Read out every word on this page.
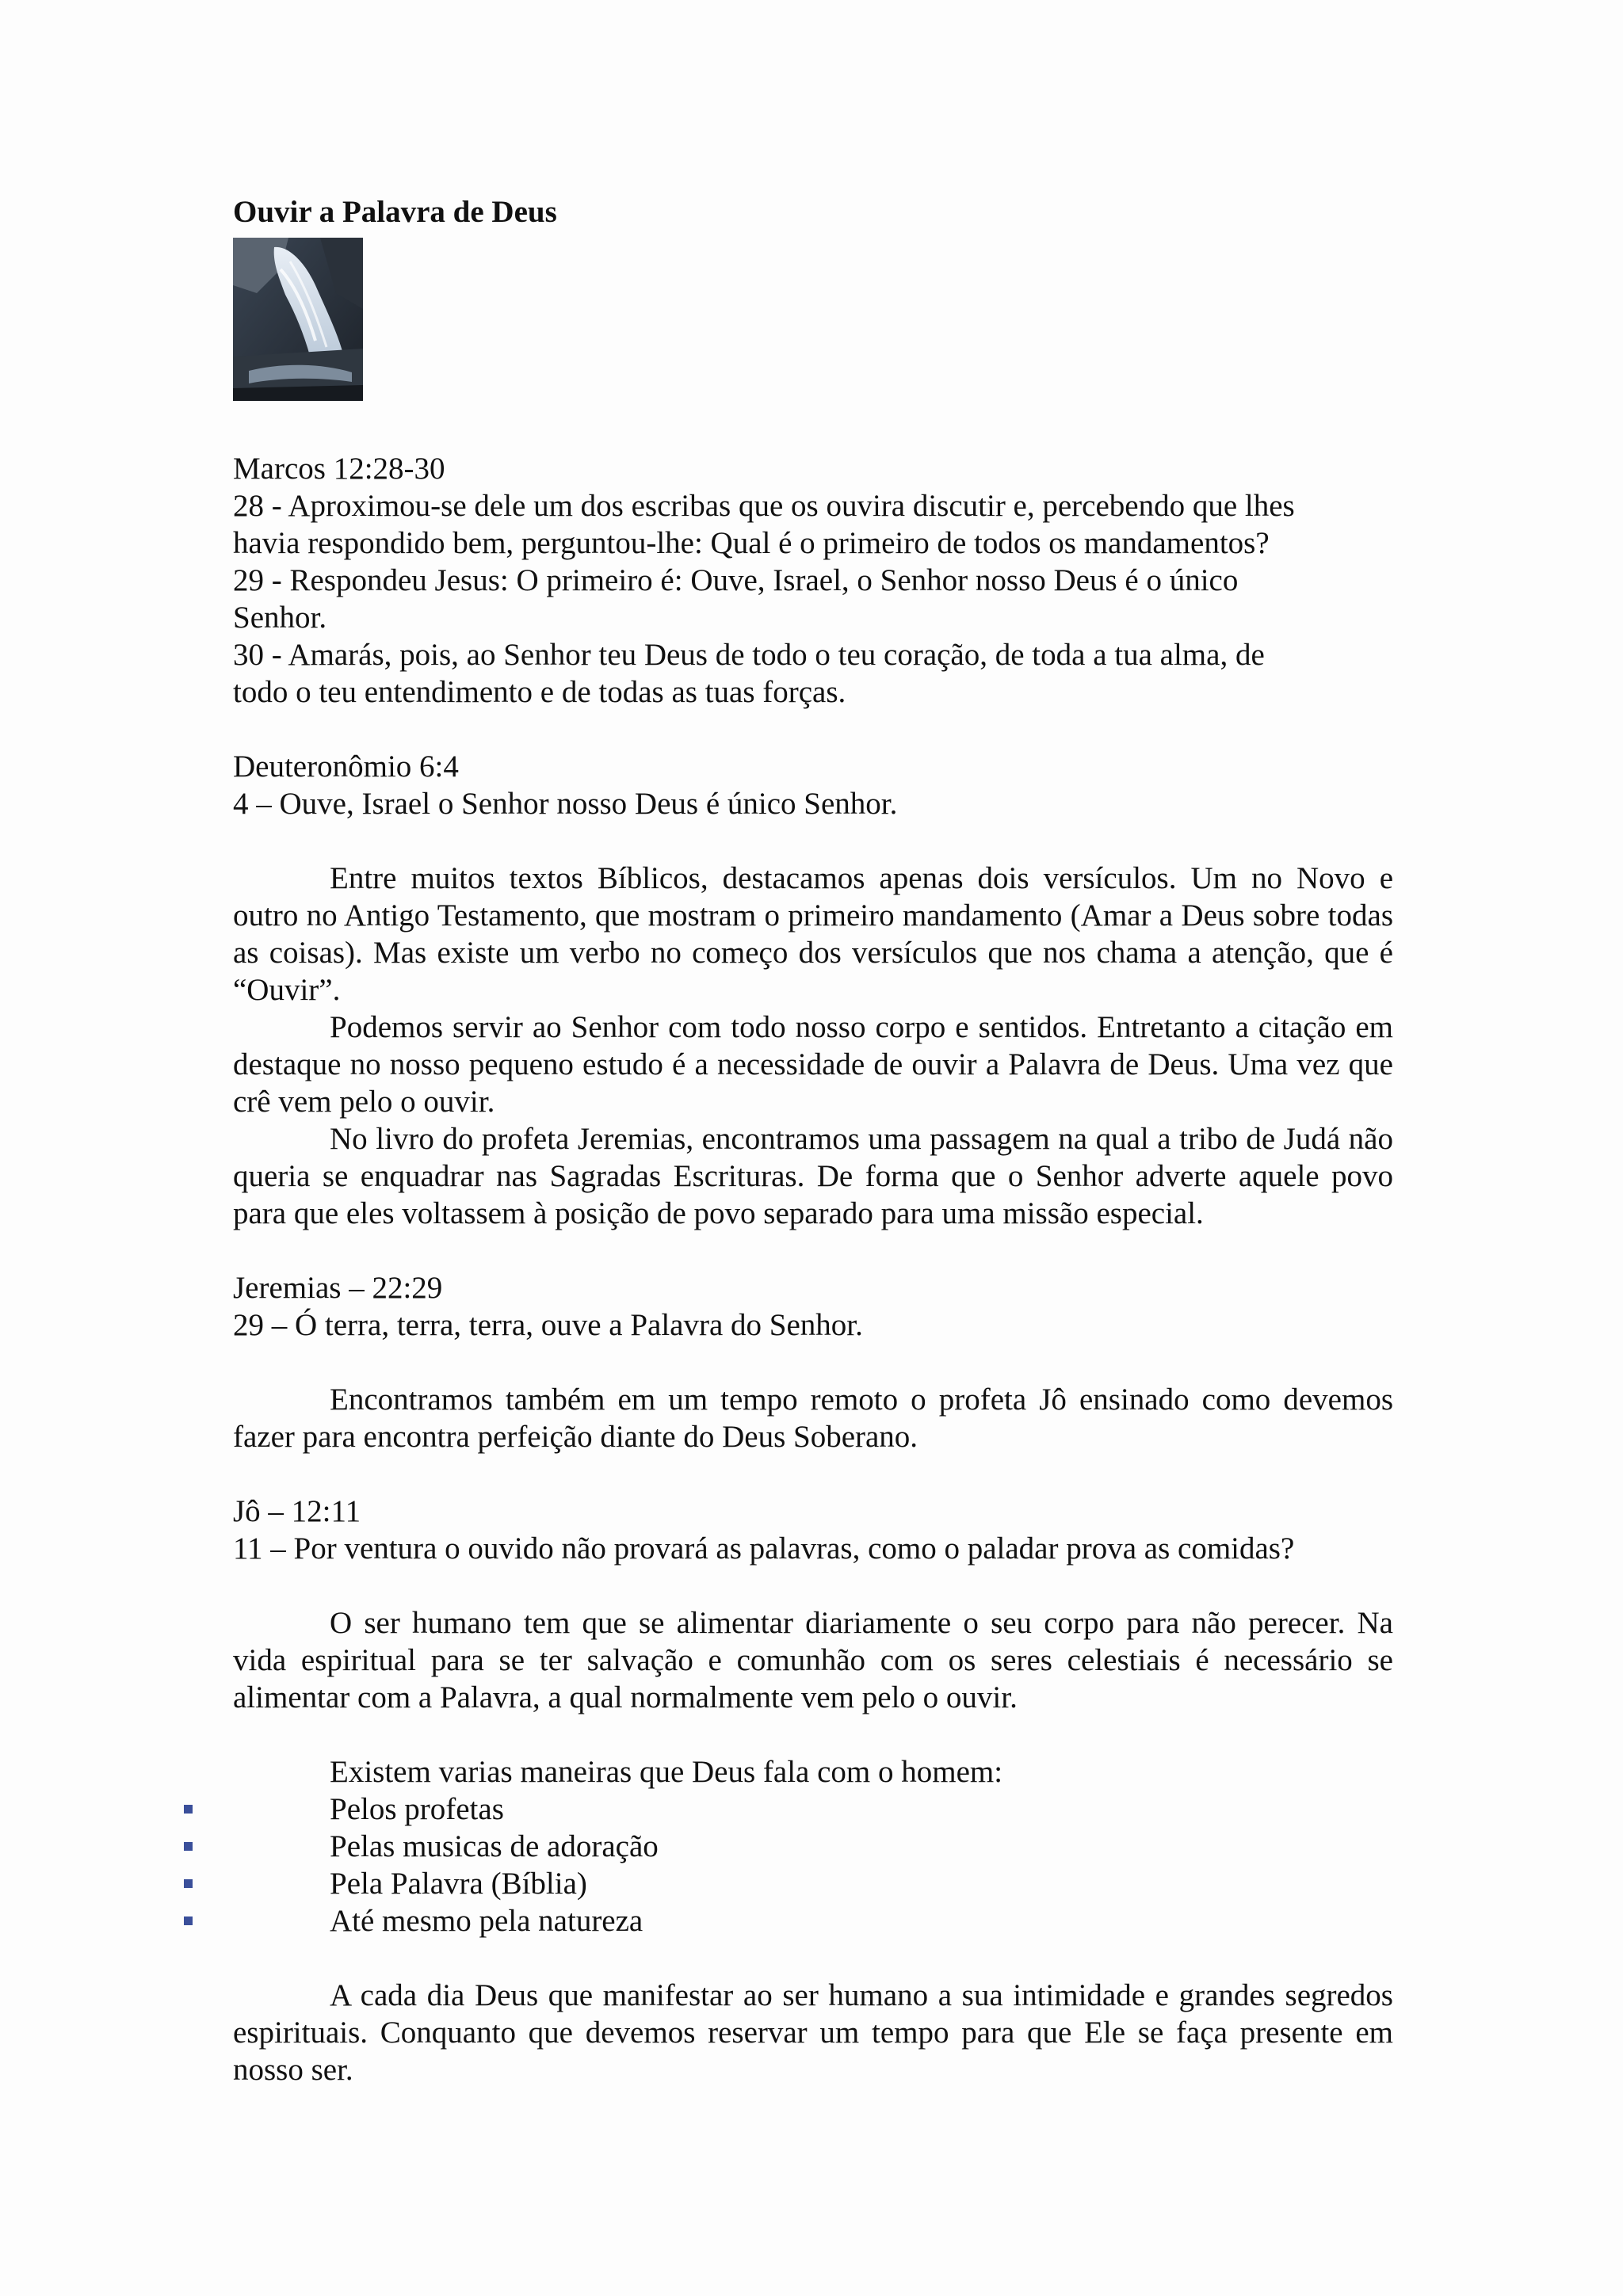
Ouvir a Palavra de Deus

Marcos 12:28-30
28 - Aproximou-se dele um dos escribas que os ouvira discutir e, percebendo que lhes
havia respondido bem, perguntou-lhe: Qual é o primeiro de todos os mandamentos?
29 - Respondeu Jesus: O primeiro é: Ouve, Israel, o Senhor nosso Deus é o único
Senhor.
30 - Amarás, pois, ao Senhor teu Deus de todo o teu coração, de toda a tua alma, de
todo o teu entendimento e de todas as tuas forças.
Deuteronômio 6:4
4 – Ouve, Israel o Senhor nosso Deus é único Senhor.

Entre muitos textos Bíblicos, destacamos apenas dois versículos. Um no Novo e outro no Antigo Testamento, que mostram o primeiro mandamento (Amar a Deus sobre todas as coisas). Mas existe um verbo no começo dos versículos que nos chama a atenção, que é “Ouvir”.

Podemos servir ao Senhor com todo nosso corpo e sentidos. Entretanto a citação em destaque no nosso pequeno estudo é a necessidade de ouvir a Palavra de Deus. Uma vez que crê vem pelo o ouvir.

No livro do profeta Jeremias, encontramos uma passagem na qual a tribo de Judá não queria se enquadrar nas Sagradas Escrituras. De forma que o Senhor adverte aquele povo para que eles voltassem à posição de povo separado para uma missão especial.

Jeremias – 22:29
29 – Ó terra, terra, terra, ouve a Palavra do Senhor.

Encontramos também em um tempo remoto o profeta Jô ensinado como devemos fazer para encontra perfeição diante do Deus Soberano.

Jô – 12:11
11 – Por ventura o ouvido não provará as palavras, como o paladar prova as comidas?

O ser humano tem que se alimentar diariamente o seu corpo para não perecer. Na vida espiritual para se ter salvação e comunhão com os seres celestiais é necessário se alimentar com a Palavra, a qual normalmente vem pelo o ouvir.

Existem varias maneiras que Deus fala com o homem:

Pelos profetas
Pelas musicas de adoração
Pela Palavra (Bíblia)
Até mesmo pela natureza

A cada dia Deus que manifestar ao ser humano a sua intimidade e grandes segredos espirituais. Conquanto que devemos reservar um tempo para que Ele se faça presente em nosso ser.
